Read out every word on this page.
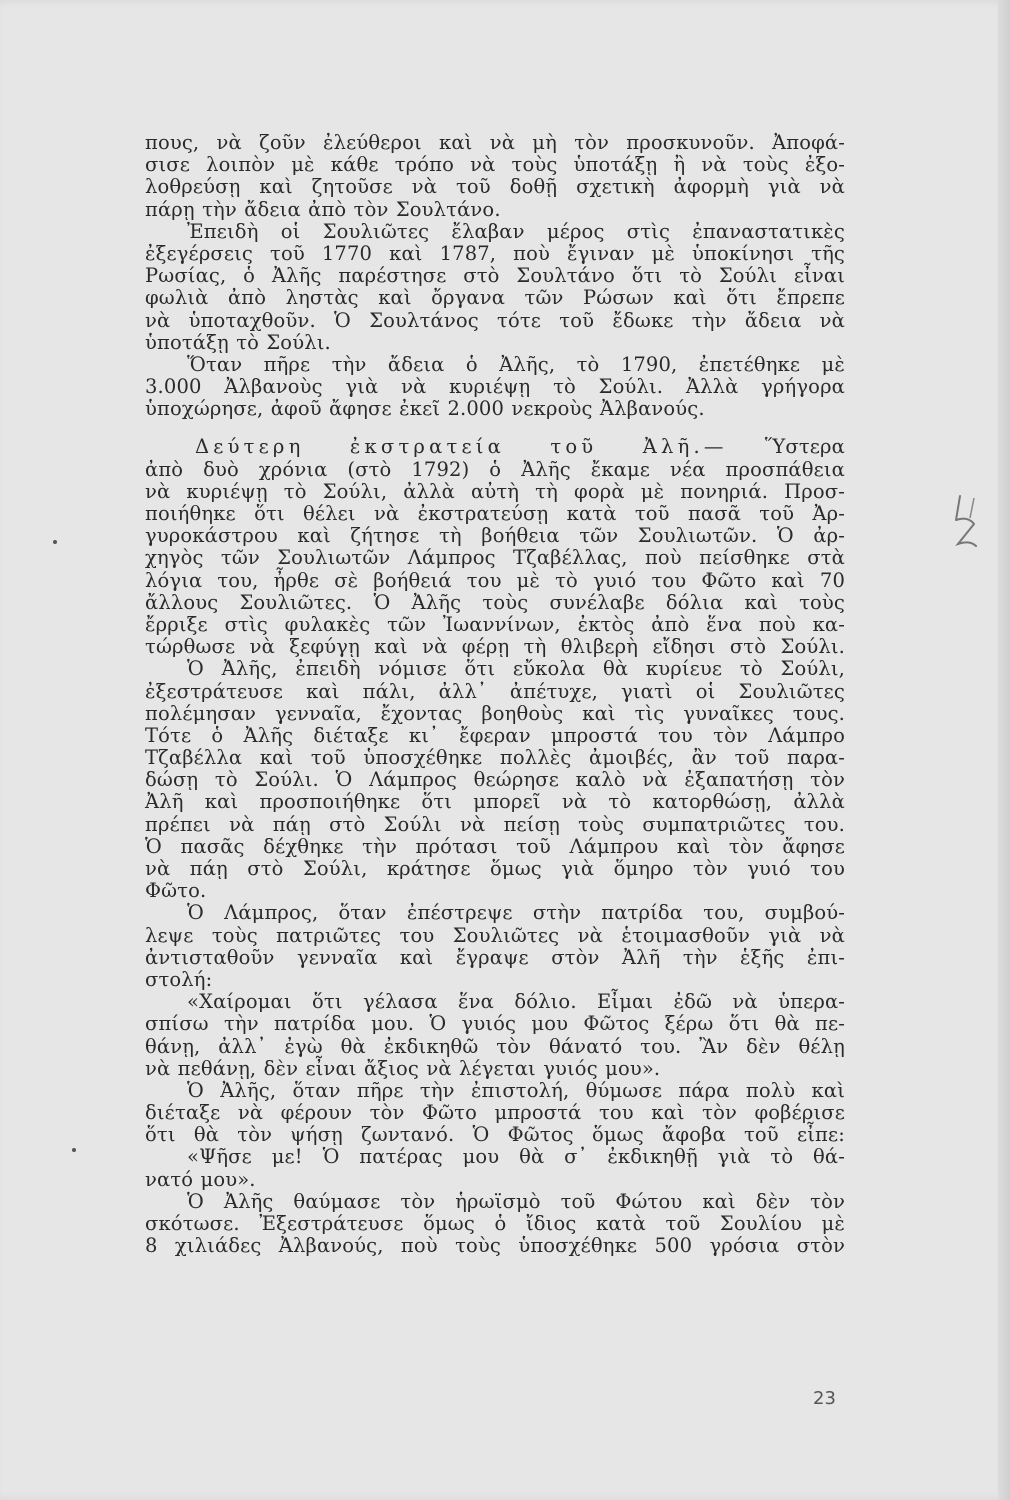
πους, νὰ ζοῦν ἐλεύθεροι καὶ νὰ μὴ τὸν προσκυνοῦν. Ἀποφά-
σισε λοιπὸν μὲ κάθε τρόπο νὰ τοὺς ὑποτάξῃ ἢ νὰ τοὺς ἐξο-
λοθρεύσῃ καὶ ζητοῦσε νὰ τοῦ δοθῇ σχετικὴ ἀφορμὴ γιὰ νὰ
πάρῃ τὴν ἄδεια ἀπὸ τὸν Σουλτάνο.
Ἐπειδὴ οἱ Σουλιῶτες ἔλαβαν μέρος στὶς ἐπαναστατικὲς
ἐξεγέρσεις τοῦ 1770 καὶ 1787, ποὺ ἔγιναν μὲ ὑποκίνησι τῆς
Ρωσίας, ὁ Ἀλῆς παρέστησε στὸ Σουλτάνο ὅτι τὸ Σούλι εἶναι
φωλιὰ ἀπὸ ληστὰς καὶ ὄργανα τῶν Ρώσων καὶ ὅτι ἔπρεπε
νὰ ὑποταχθοῦν. Ὁ Σουλτάνος τότε τοῦ ἔδωκε τὴν ἄδεια νὰ
ὑποτάξῃ τὸ Σούλι.
Ὅταν πῆρε τὴν ἄδεια ὁ Ἀλῆς, τὸ 1790, ἐπετέθηκε μὲ
3.000 Ἀλβανοὺς γιὰ νὰ κυριέψῃ τὸ Σούλι. Ἀλλὰ γρήγορα
ὑποχώρησε, ἀφοῦ ἄφησε ἐκεῖ 2.000 νεκροὺς Ἀλβανούς.
Δεύτερη ἐκστρατεία τοῦ Ἀλῆ.— Ὕστερα
ἀπὸ δυὸ χρόνια (στὸ 1792) ὁ Ἀλῆς ἔκαμε νέα προσπάθεια
νὰ κυριέψῃ τὸ Σούλι, ἀλλὰ αὐτὴ τὴ φορὰ μὲ πονηριά. Προσ-
ποιήθηκε ὅτι θέλει νὰ ἐκστρατεύσῃ κατὰ τοῦ πασᾶ τοῦ Ἀρ-
γυροκάστρου καὶ ζήτησε τὴ βοήθεια τῶν Σουλιωτῶν. Ὁ ἀρ-
χηγὸς τῶν Σουλιωτῶν Λάμπρος Τζαβέλλας, ποὺ πείσθηκε στὰ
λόγια του, ἦρθε σὲ βοήθειά του μὲ τὸ γυιό του Φῶτο καὶ 70
ἄλλους Σουλιῶτες. Ὁ Ἀλῆς τοὺς συνέλαβε δόλια καὶ τοὺς
ἔρριξε στὶς φυλακὲς τῶν Ἰωαννίνων, ἐκτὸς ἀπὸ ἕνα ποὺ κα-
τώρθωσε νὰ ξεφύγῃ καὶ νὰ φέρῃ τὴ θλιβερὴ εἴδησι στὸ Σούλι.
Ὁ Ἀλῆς, ἐπειδὴ νόμισε ὅτι εὔκολα θὰ κυρίευε τὸ Σούλι,
ἐξεστράτευσε καὶ πάλι, ἀλλ᾽ ἀπέτυχε, γιατὶ οἱ Σουλιῶτες
πολέμησαν γενναῖα, ἔχοντας βοηθοὺς καὶ τὶς γυναῖκες τους.
Τότε ὁ Ἀλῆς διέταξε κι᾽ ἔφεραν μπροστά του τὸν Λάμπρο
Τζαβέλλα καὶ τοῦ ὑποσχέθηκε πολλὲς ἀμοιβές, ἂν τοῦ παρα-
δώσῃ τὸ Σούλι. Ὁ Λάμπρος θεώρησε καλὸ νὰ ἐξαπατήσῃ τὸν
Ἀλῆ καὶ προσποιήθηκε ὅτι μπορεῖ νὰ τὸ κατορθώσῃ, ἀλλὰ
πρέπει νὰ πάῃ στὸ Σούλι νὰ πείσῃ τοὺς συμπατριῶτες του.
Ὁ πασᾶς δέχθηκε τὴν πρότασι τοῦ Λάμπρου καὶ τὸν ἄφησε
νὰ πάῃ στὸ Σούλι, κράτησε ὅμως γιὰ ὅμηρο τὸν γυιό του
Φῶτο.
Ὁ Λάμπρος, ὅταν ἐπέστρεψε στὴν πατρίδα του, συμβού-
λεψε τοὺς πατριῶτες του Σουλιῶτες νὰ ἑτοιμασθοῦν γιὰ νὰ
ἀντισταθοῦν γενναῖα καὶ ἔγραψε στὸν Ἀλῆ τὴν ἑξῆς ἐπι-
στολή:
«Χαίρομαι ὅτι γέλασα ἕνα δόλιο. Εἶμαι ἐδῶ νὰ ὑπερα-
σπίσω τὴν πατρίδα μου. Ὁ γυιός μου Φῶτος ξέρω ὅτι θὰ πε-
θάνῃ, ἀλλ᾽ ἐγὼ θὰ ἐκδικηθῶ τὸν θάνατό του. Ἂν δὲν θέλῃ
νὰ πεθάνῃ, δὲν εἶναι ἄξιος νὰ λέγεται γυιός μου».
Ὁ Ἀλῆς, ὅταν πῆρε τὴν ἐπιστολή, θύμωσε πάρα πολὺ καὶ
διέταξε νὰ φέρουν τὸν Φῶτο μπροστά του καὶ τὸν φοβέρισε
ὅτι θὰ τὸν ψήσῃ ζωντανό. Ὁ Φῶτος ὅμως ἄφοβα τοῦ εἶπε:
«Ψῆσε με! Ὁ πατέρας μου θὰ σ᾽ ἐκδικηθῇ γιὰ τὸ θά-
νατό μου».
Ὁ Ἀλῆς θαύμασε τὸν ἡρωϊσμὸ τοῦ Φώτου καὶ δὲν τὸν
σκότωσε. Ἐξεστράτευσε ὅμως ὁ ἴδιος κατὰ τοῦ Σουλίου μὲ
8 χιλιάδες Ἀλβανούς, ποὺ τοὺς ὑποσχέθηκε 500 γρόσια στὸν
23
